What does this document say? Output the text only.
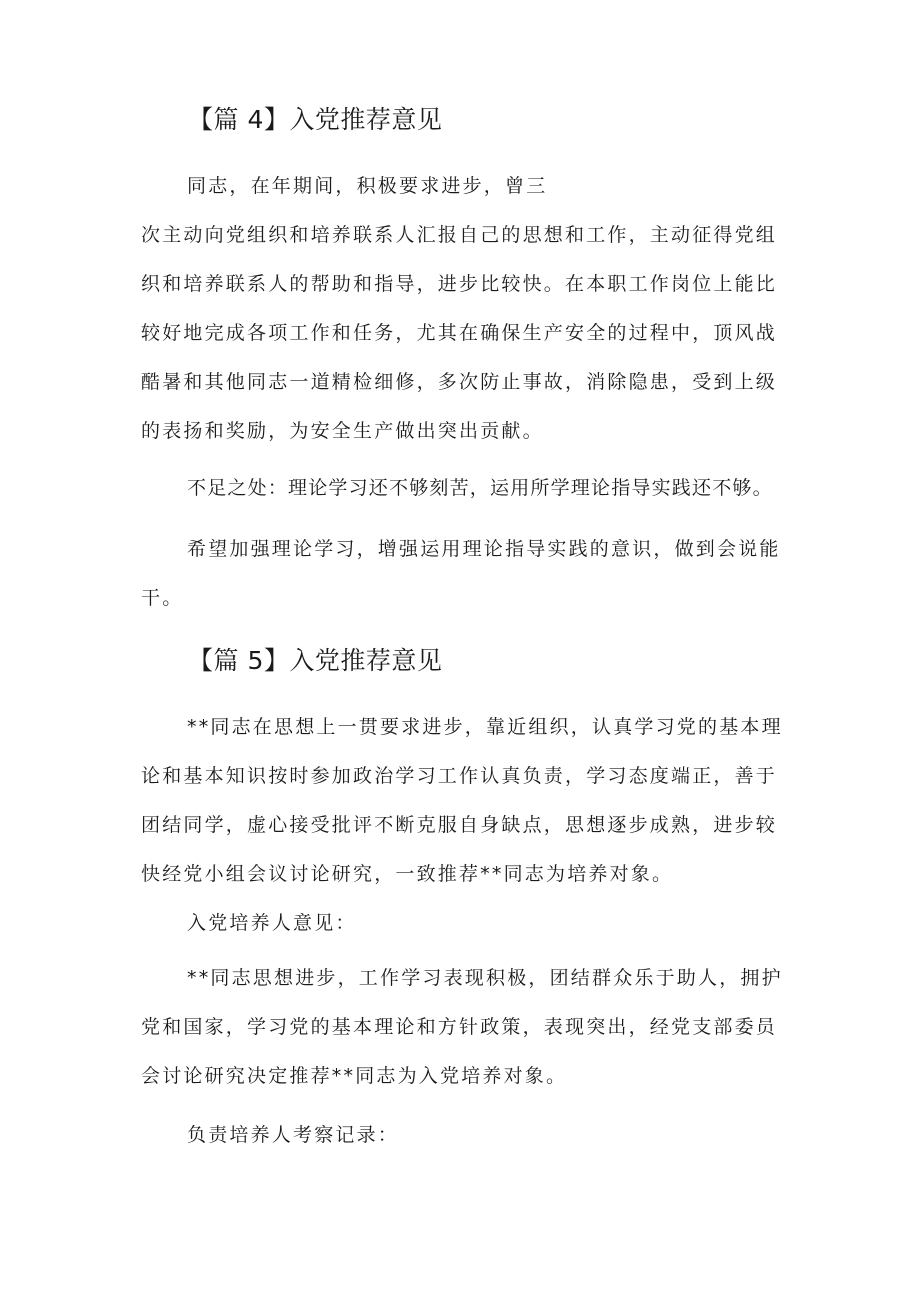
【篇 4】入党推荐意见
同志，在年期间，积极要求进步，曾三
次主动向党组织和培养联系人汇报自己的思想和工作，主动征得党组
织和培养联系人的帮助和指导，进步比较快。在本职工作岗位上能比
较好地完成各项工作和任务，尤其在确保生产安全的过程中，顶风战
酷暑和其他同志一道精检细修，多次防止事故，消除隐患，受到上级
的表扬和奖励，为安全生产做出突出贡献。
不足之处：理论学习还不够刻苦，运用所学理论指导实践还不够。
希望加强理论学习，增强运用理论指导实践的意识，做到会说能
干。
【篇 5】入党推荐意见
**同志在思想上一贯要求进步，靠近组织，认真学习党的基本理
论和基本知识按时参加政治学习工作认真负责，学习态度端正，善于
团结同学，虚心接受批评不断克服自身缺点，思想逐步成熟，进步较
快经党小组会议讨论研究，一致推荐**同志为培养对象。
入党培养人意见：
**同志思想进步，工作学习表现积极，团结群众乐于助人，拥护
党和国家，学习党的基本理论和方针政策，表现突出，经党支部委员
会讨论研究决定推荐**同志为入党培养对象。
负责培养人考察记录：
